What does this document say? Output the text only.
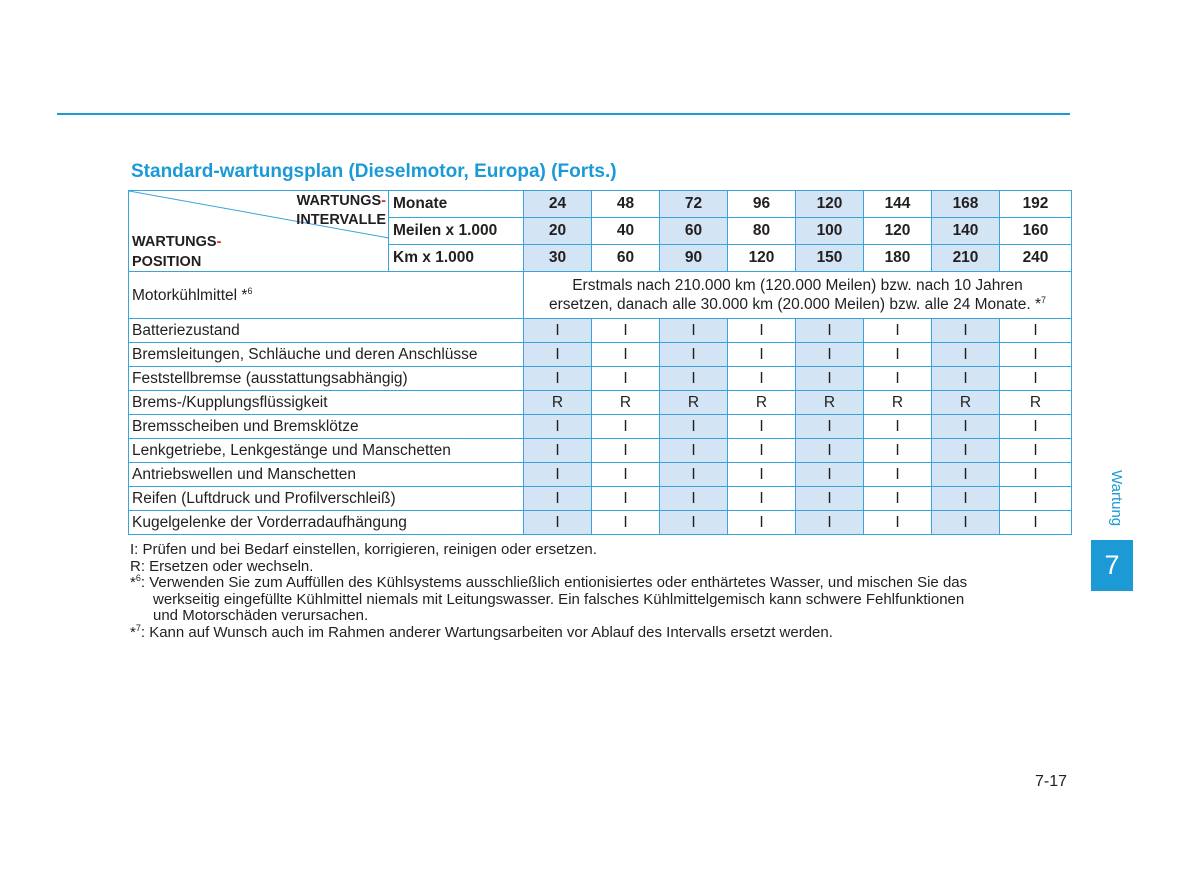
Standard-wartungsplan (Dieselmotor, Europa) (Forts.)
WARTUNGS-
INTERVALLE
WARTUNGS-
POSITION	Monate	24	48	72	96	120	144	168	192
	Meilen x 1.000	20	40	60	80	100	120	140	160
	Km x 1.000	30	60	90	120	150	180	210	240
Motorkühlmittel *$^6$		Erstmals nach 210.000 km (120.000 Meilen) bzw. nach 10 Jahren
ersetzen, danach alle 30.000 km (20.000 Meilen) bzw. alle 24 Monate. *$^7$
Batteriezustand		I	I	I	I	I	I	I	I
Bremsleitungen, Schläuche und deren Anschlüsse		I	I	I	I	I	I	I	I
Feststellbremse (ausstattungsabhängig)		I	I	I	I	I	I	I	I
Brems-/Kupplungsflüssigkeit		R	R	R	R	R	R	R	R
Bremsscheiben und Bremsklötze		I	I	I	I	I	I	I	I
Lenkgetriebe, Lenkgestänge und Manschetten		I	I	I	I	I	I	I	I
Antriebswellen und Manschetten		I	I	I	I	I	I	I	I
Reifen (Luftdruck und Profilverschleiß)		I	I	I	I	I	I	I	I
Kugelgelenke der Vorderradaufhängung		I	I	I	I	I	I	I	I
I: Prüfen und bei Bedarf einstellen, korrigieren, reinigen oder ersetzen.
R: Ersetzen oder wechseln.
*$^6$ : Verwenden Sie zum Auffüllen des Kühlsystems ausschließlich entionisiertes oder enthärtetes Wasser, und mischen Sie das
werkseitig eingefüllte Kühlmittel niemals mit Leitungswasser. Ein falsches Kühlmittelgemisch kann schwere Fehlfunktionen
und Motorschäden verursachen.
*$^7$ : Kann auf Wunsch auch im Rahmen anderer Wartungsarbeiten vor Ablauf des Intervalls ersetzt werden.
Wartung
7
7-17
